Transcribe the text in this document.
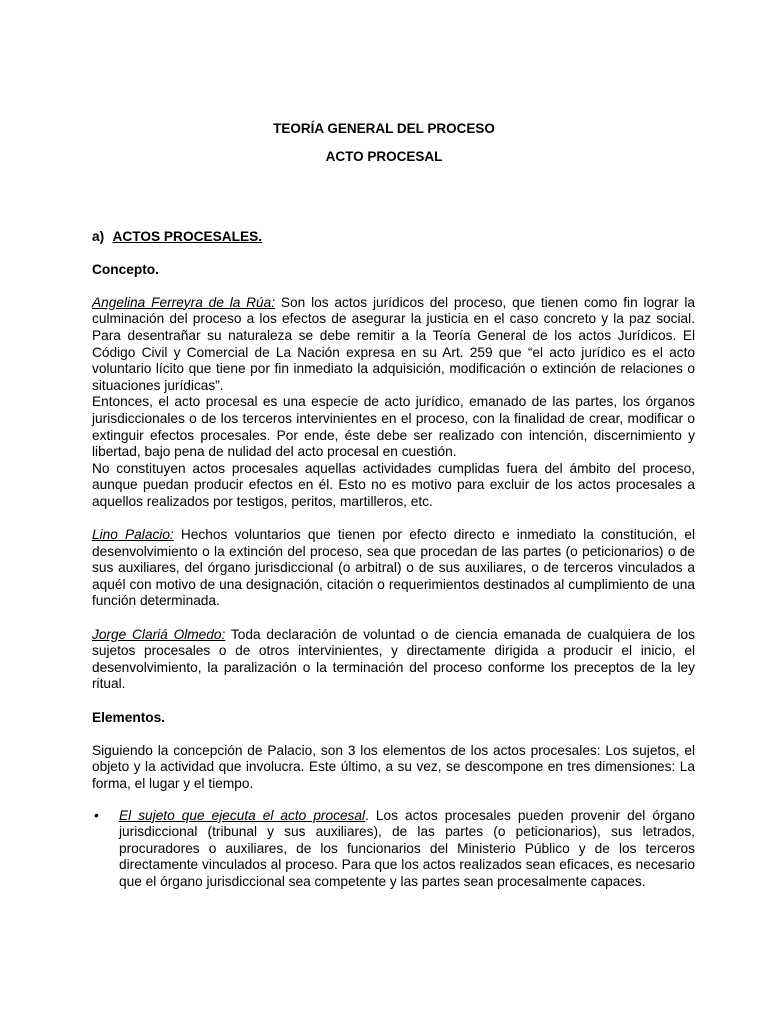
TEORÍA GENERAL DEL PROCESO
ACTO PROCESAL

a) ACTOS PROCESALES.

Concepto.

Angelina Ferreyra de la Rúa: Son los actos jurídicos del proceso, que tienen como fin lograr la culminación del proceso a los efectos de asegurar la justicia en el caso concreto y la paz social. Para desentrañar su naturaleza se debe remitir a la Teoría General de los actos Jurídicos. El Código Civil y Comercial de La Nación expresa en su Art. 259 que “el acto jurídico es el acto voluntario lícito que tiene por fin inmediato la adquisición, modificación o extinción de relaciones o situaciones jurídicas”.

Entonces, el acto procesal es una especie de acto jurídico, emanado de las partes, los órganos jurisdiccionales o de los terceros intervinientes en el proceso, con la finalidad de crear, modificar o extinguir efectos procesales. Por ende, éste debe ser realizado con intención, discernimiento y libertad, bajo pena de nulidad del acto procesal en cuestión.

No constituyen actos procesales aquellas actividades cumplidas fuera del ámbito del proceso, aunque puedan producir efectos en él. Esto no es motivo para excluir de los actos procesales a aquellos realizados por testigos, peritos, martilleros, etc.

Lino Palacio: Hechos voluntarios que tienen por efecto directo e inmediato la constitución, el desenvolvimiento o la extinción del proceso, sea que procedan de las partes (o peticionarios) o de sus auxiliares, del órgano jurisdiccional (o arbitral) o de sus auxiliares, o de terceros vinculados a aquél con motivo de una designación, citación o requerimientos destinados al cumplimiento de una función determinada.

Jorge Clariá Olmedo: Toda declaración de voluntad o de ciencia emanada de cualquiera de los sujetos procesales o de otros intervinientes, y directamente dirigida a producir el inicio, el desenvolvimiento, la paralización o la terminación del proceso conforme los preceptos de la ley ritual.

Elementos.

Siguiendo la concepción de Palacio, son 3 los elementos de los actos procesales: Los sujetos, el objeto y la actividad que involucra. Este último, a su vez, se descompone en tres dimensiones: La forma, el lugar y el tiempo.

• El sujeto que ejecuta el acto procesal. Los actos procesales pueden provenir del órgano jurisdiccional (tribunal y sus auxiliares), de las partes (o peticionarios), sus letrados, procuradores o auxiliares, de los funcionarios del Ministerio Público y de los terceros directamente vinculados al proceso. Para que los actos realizados sean eficaces, es necesario que el órgano jurisdiccional sea competente y las partes sean procesalmente capaces.
